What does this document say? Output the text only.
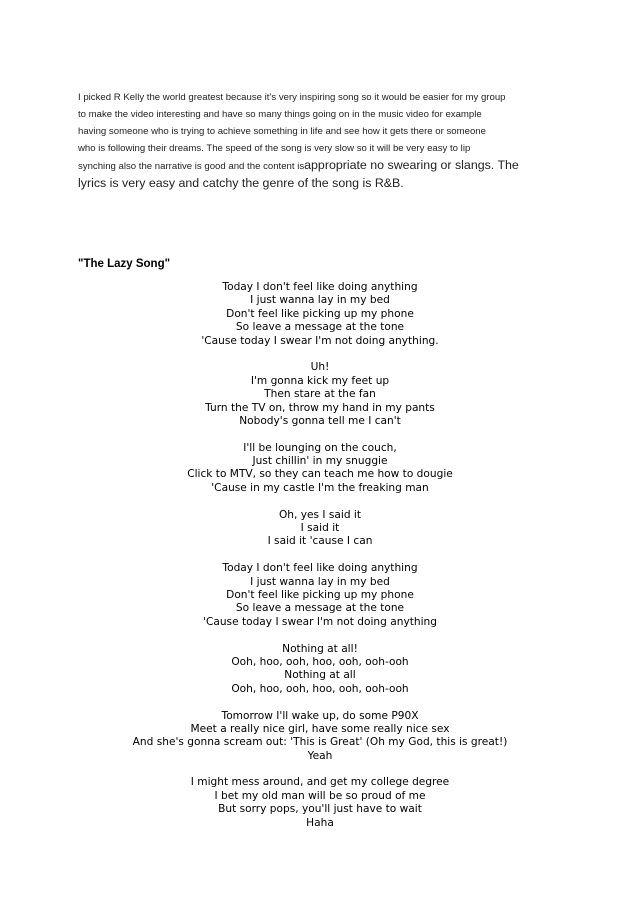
I picked R Kelly the world greatest because it’s very inspiring song so it would be easier for my group
to make the video interesting and have so many things going on in the music video for example
having someone who is trying to achieve something in life and see how it gets there or someone
who is following their dreams. The speed of the song is very slow so it will be very easy to lip
synching also the narrative is good and the content isappropriate no swearing or slangs. The
lyrics is very easy and catchy the genre of the song is R&B.
"The Lazy Song"
Today I don't feel like doing anything
I just wanna lay in my bed
Don't feel like picking up my phone
So leave a message at the tone
'Cause today I swear I'm not doing anything.
Uh!
I'm gonna kick my feet up
Then stare at the fan
Turn the TV on, throw my hand in my pants
Nobody's gonna tell me I can't
I'll be lounging on the couch,
Just chillin' in my snuggie
Click to MTV, so they can teach me how to dougie
'Cause in my castle I'm the freaking man
Oh, yes I said it
I said it
I said it 'cause I can
Today I don't feel like doing anything
I just wanna lay in my bed
Don't feel like picking up my phone
So leave a message at the tone
'Cause today I swear I'm not doing anything
Nothing at all!
Ooh, hoo, ooh, hoo, ooh, ooh-ooh
Nothing at all
Ooh, hoo, ooh, hoo, ooh, ooh-ooh
Tomorrow I'll wake up, do some P90X
Meet a really nice girl, have some really nice sex
And she's gonna scream out: 'This is Great' (Oh my God, this is great!)
Yeah
I might mess around, and get my college degree
I bet my old man will be so proud of me
But sorry pops, you'll just have to wait
Haha
